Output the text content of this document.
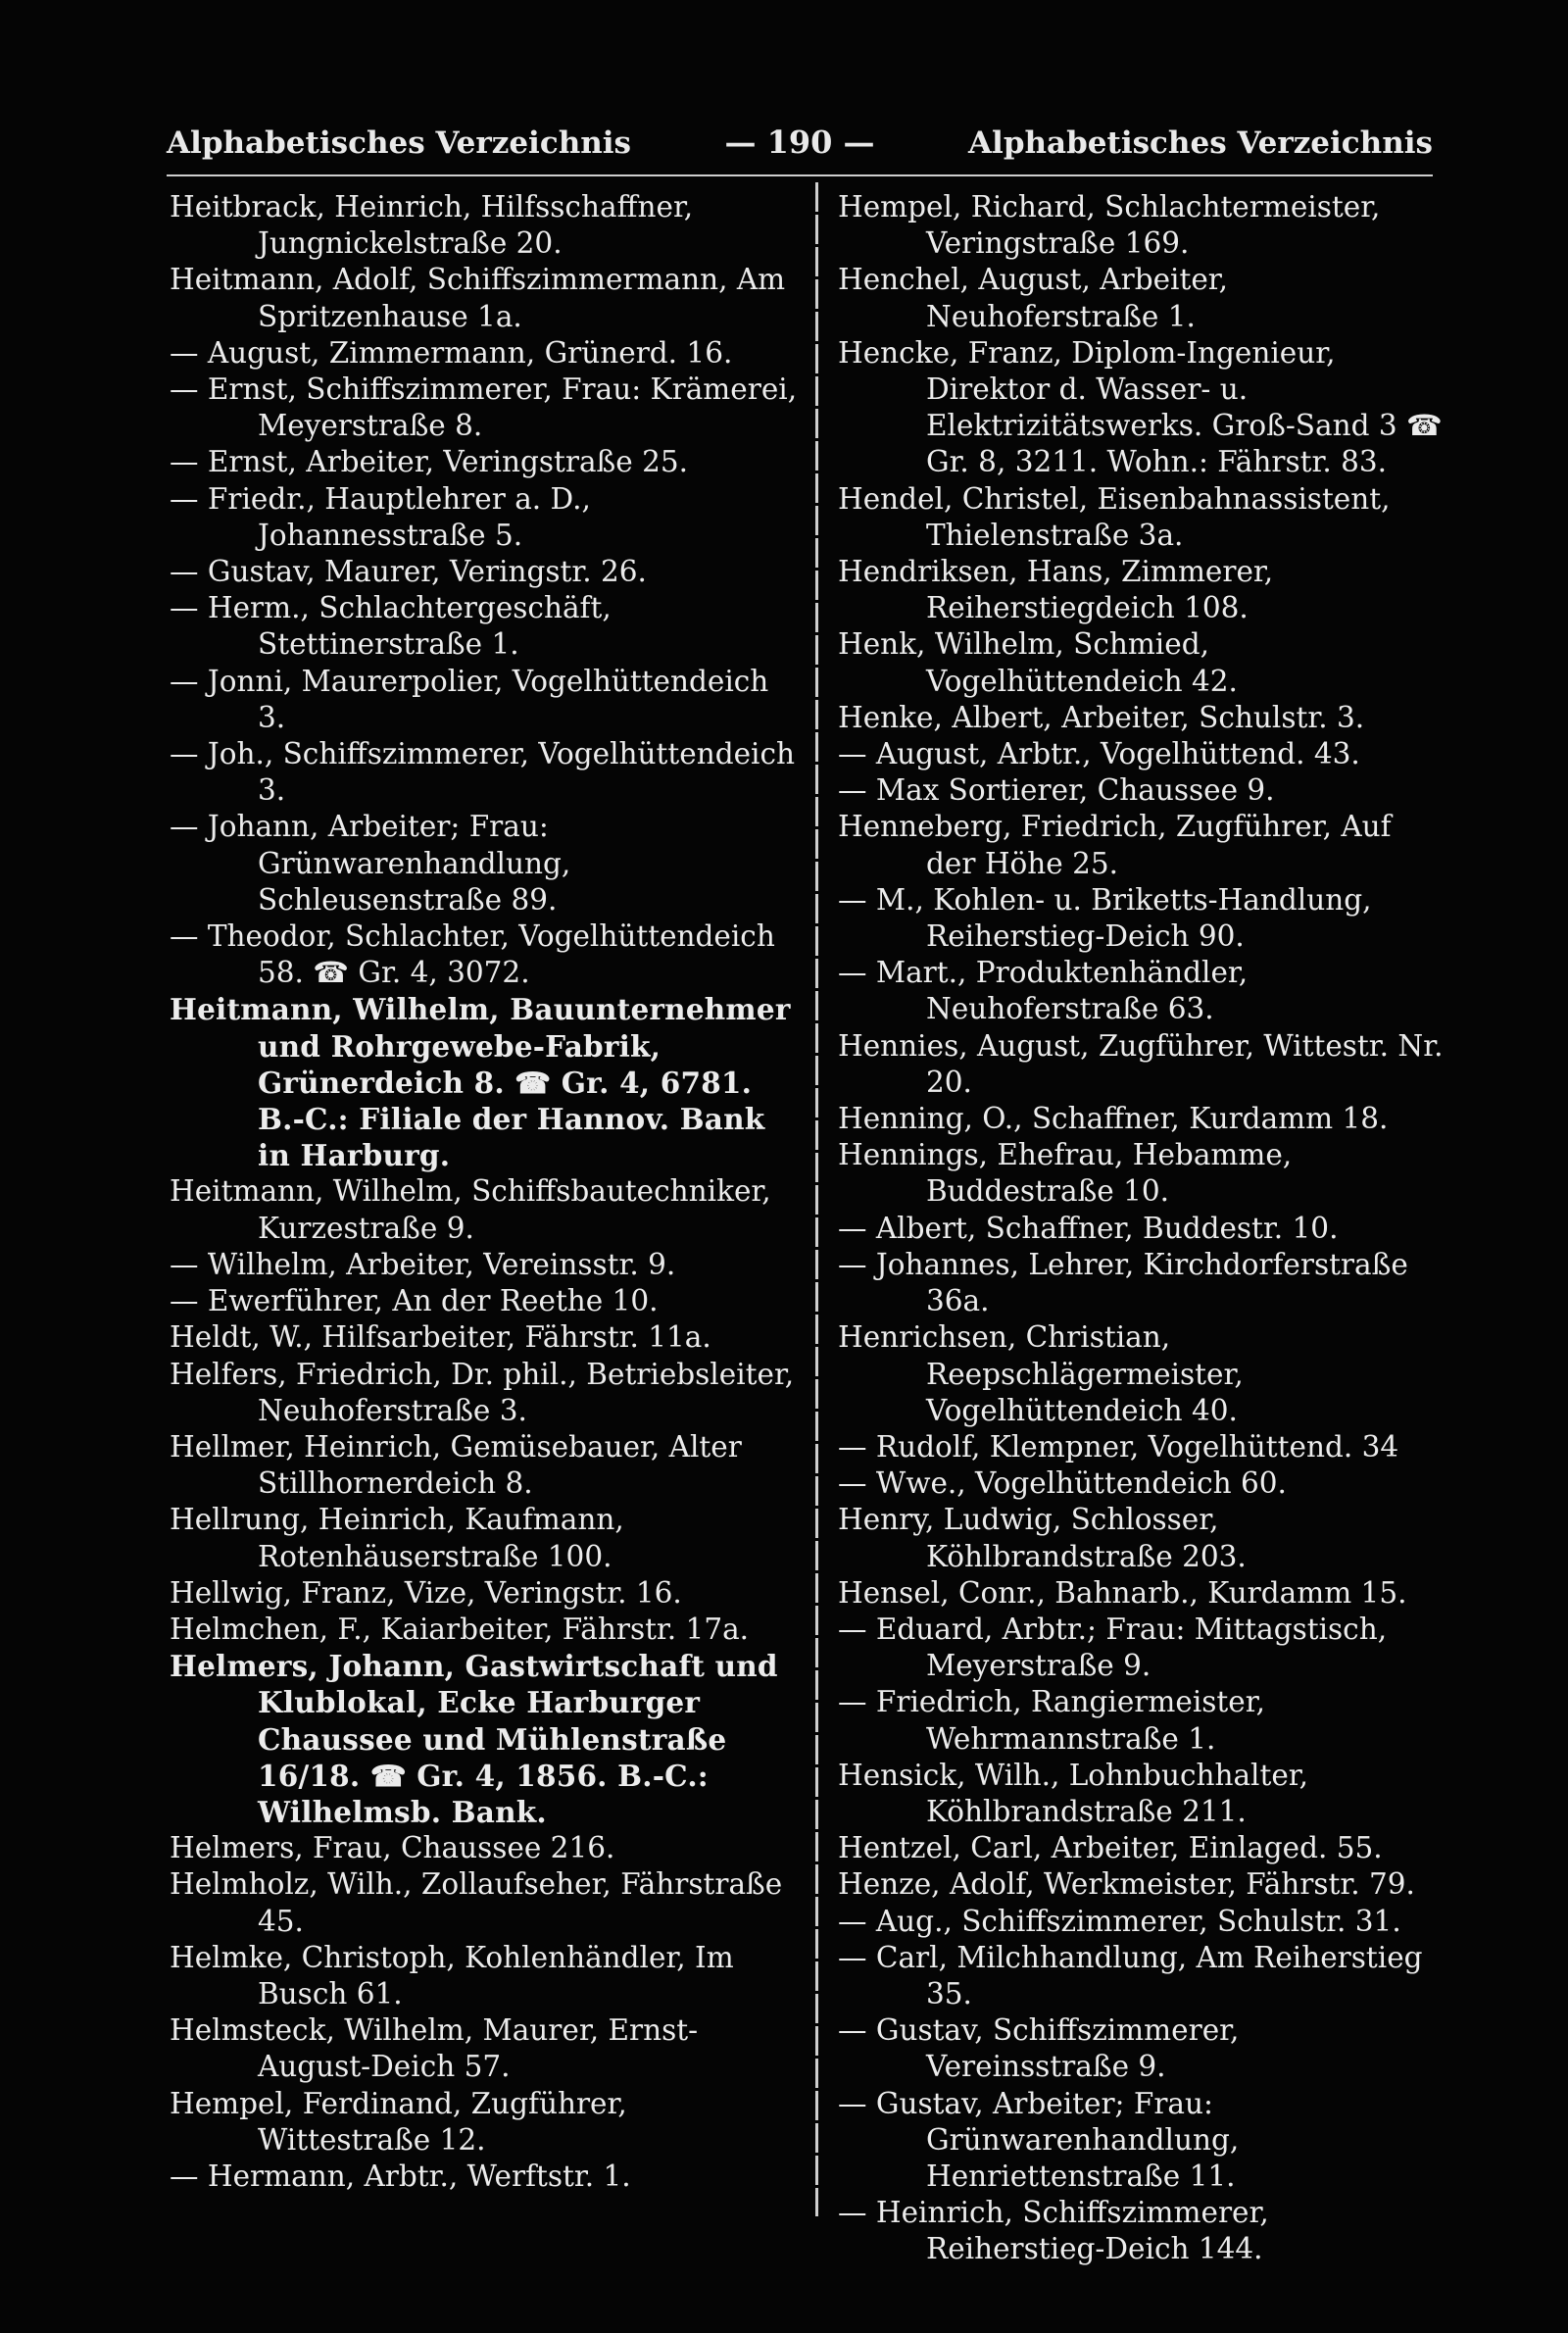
Alphabetisches Verzeichnis	— 190 —	Alphabetisches Verzeichnis

Heitbrack, Heinrich, Hilfsschaffner, Jungnickelstraße 20.

Heitmann, Adolf, Schiffszimmermann, Am Spritzenhause 1a.

— August, Zimmermann, Grünerd. 16.

— Ernst, Schiffszimmerer, Frau: Krämerei, Meyerstraße 8.

— Ernst, Arbeiter, Veringstraße 25.

— Friedr., Hauptlehrer a. D., Johannesstraße 5.

— Gustav, Maurer, Veringstr. 26.

— Herm., Schlachtergeschäft, Stettinerstraße 1.

— Jonni, Maurerpolier, Vogelhüttendeich 3.

— Joh., Schiffszimmerer, Vogelhüttendeich 3.

— Johann, Arbeiter; Frau: Grünwarenhandlung, Schleusenstraße 89.

— Theodor, Schlachter, Vogelhüttendeich 58. ☎ Gr. 4, 3072.

Heitmann, Wilhelm, Bauunternehmer und Rohrgewebe-Fabrik, Grünerdeich 8. ☎ Gr. 4, 6781. B.-C.: Filiale der Hannov. Bank in Harburg.

Heitmann, Wilhelm, Schiffsbautechniker, Kurzestraße 9.

— Wilhelm, Arbeiter, Vereinsstr. 9.

— Ewerführer, An der Reethe 10.

Heldt, W., Hilfsarbeiter, Fährstr. 11a.

Helfers, Friedrich, Dr. phil., Betriebsleiter, Neuhoferstraße 3.

Hellmer, Heinrich, Gemüsebauer, Alter Stillhornerdeich 8.

Hellrung, Heinrich, Kaufmann, Rotenhäuserstraße 100.

Hellwig, Franz, Vize, Veringstr. 16.

Helmchen, F., Kaiarbeiter, Fährstr. 17a.

Helmers, Johann, Gastwirtschaft und Klublokal, Ecke Harburger Chaussee und Mühlenstraße 16/18. ☎ Gr. 4, 1856. B.-C.: Wilhelmsb. Bank.

Helmers, Frau, Chaussee 216.

Helmholz, Wilh., Zollaufseher, Fährstraße 45.

Helmke, Christoph, Kohlenhändler, Im Busch 61.

Helmsteck, Wilhelm, Maurer, Ernst-August-Deich 57.

Hempel, Ferdinand, Zugführer, Wittestraße 12.

— Hermann, Arbtr., Werftstr. 1.

Hempel, Richard, Schlachtermeister, Veringstraße 169.

Henchel, August, Arbeiter, Neuhoferstraße 1.

Hencke, Franz, Diplom-Ingenieur, Direktor d. Wasser- u. Elektrizitätswerks. Groß-Sand 3 ☎ Gr. 8, 3211. Wohn.: Fährstr. 83.

Hendel, Christel, Eisenbahnassistent, Thielenstraße 3a.

Hendriksen, Hans, Zimmerer, Reiherstiegdeich 108.

Henk, Wilhelm, Schmied, Vogelhüttendeich 42.

Henke, Albert, Arbeiter, Schulstr. 3.

— August, Arbtr., Vogelhüttend. 43.

— Max Sortierer, Chaussee 9.

Henneberg, Friedrich, Zugführer, Auf der Höhe 25.

— M., Kohlen- u. Briketts-Handlung, Reiherstieg-Deich 90.

— Mart., Produktenhändler, Neuhoferstraße 63.

Hennies, August, Zugführer, Wittestr. Nr. 20.

Henning, O., Schaffner, Kurdamm 18.

Hennings, Ehefrau, Hebamme, Buddestraße 10.

— Albert, Schaffner, Buddestr. 10.

— Johannes, Lehrer, Kirchdorferstraße 36a.

Henrichsen, Christian, Reepschlägermeister, Vogelhüttendeich 40.

— Rudolf, Klempner, Vogelhüttend. 34

— Wwe., Vogelhüttendeich 60.

Henry, Ludwig, Schlosser, Köhlbrandstraße 203.

Hensel, Conr., Bahnarb., Kurdamm 15.

— Eduard, Arbtr.; Frau: Mittagstisch, Meyerstraße 9.

— Friedrich, Rangiermeister, Wehrmannstraße 1.

Hensick, Wilh., Lohnbuchhalter, Köhlbrandstraße 211.

Hentzel, Carl, Arbeiter, Einlaged. 55.

Henze, Adolf, Werkmeister, Fährstr. 79.

— Aug., Schiffszimmerer, Schulstr. 31.

— Carl, Milchhandlung, Am Reiherstieg 35.

— Gustav, Schiffszimmerer, Vereinsstraße 9.

— Gustav, Arbeiter; Frau: Grünwarenhandlung, Henriettenstraße 11.

— Heinrich, Schiffszimmerer, Reiherstieg-Deich 144.
